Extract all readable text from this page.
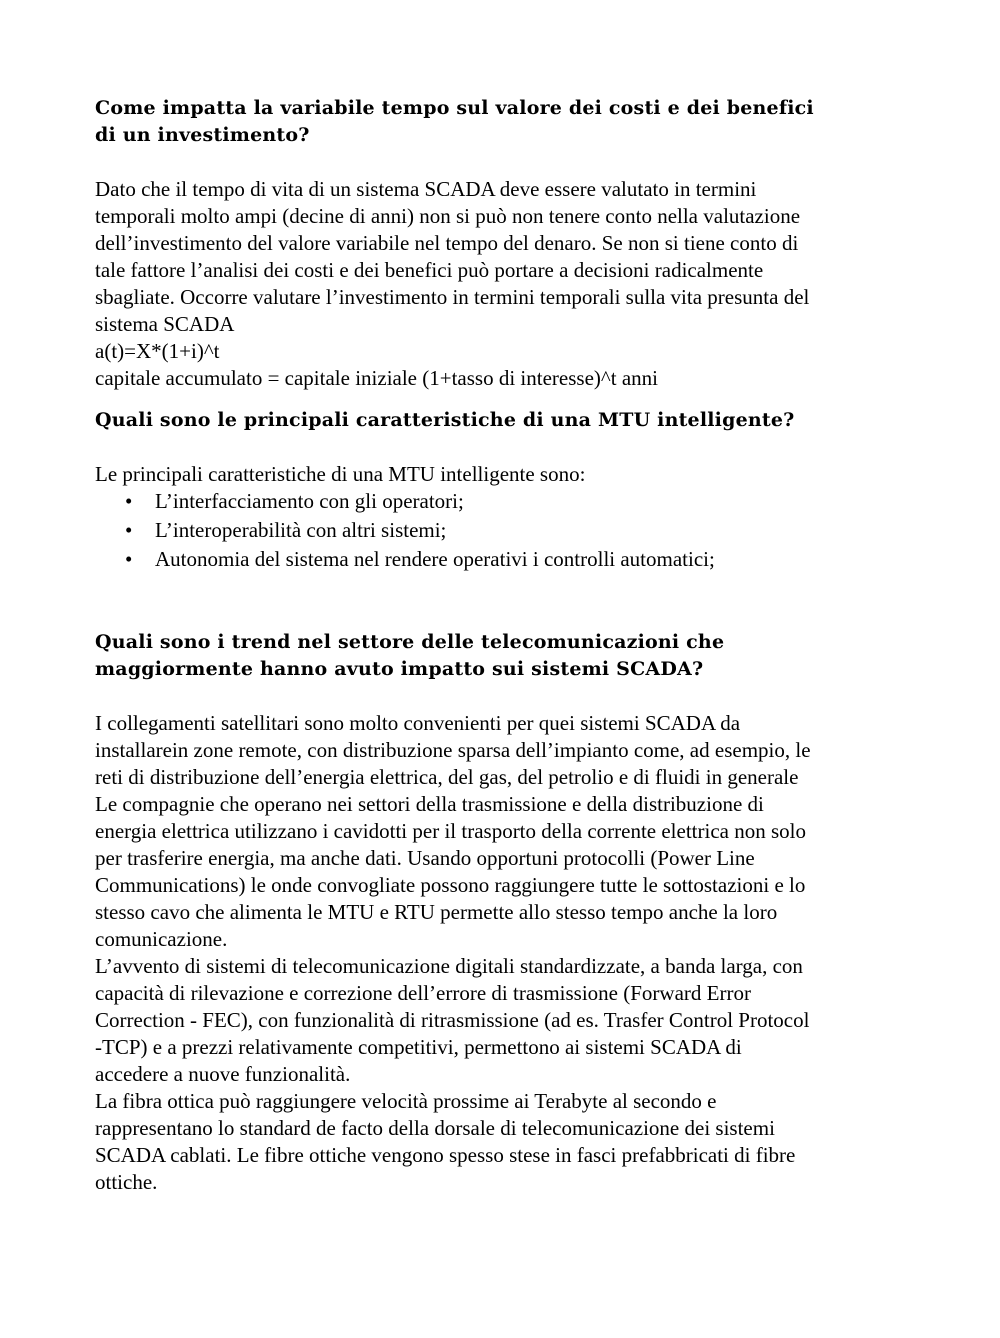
Come impatta la variabile tempo sul valore dei costi e dei benefici
di un investimento?
Dato che il tempo di vita di un sistema SCADA deve essere valutato in termini
temporali molto ampi (decine di anni) non si può non tenere conto nella valutazione
dell’investimento del valore variabile nel tempo del denaro. Se non si tiene conto di
tale fattore l’analisi dei costi e dei benefici può portare a decisioni radicalmente
sbagliate. Occorre valutare l’investimento in termini temporali sulla vita presunta del
sistema SCADA
a(t)=X*(1+i)^t
capitale accumulato = capitale iniziale (1+tasso di interesse)^t anni
Quali sono le principali caratteristiche di una MTU intelligente?
Le principali caratteristiche di una MTU intelligente sono:
• L’interfacciamento con gli operatori;
• L’interoperabilità con altri sistemi;
• Autonomia del sistema nel rendere operativi i controlli automatici;
Quali sono i trend nel settore delle telecomunicazioni che
maggiormente hanno avuto impatto sui sistemi SCADA?
I collegamenti satellitari sono molto convenienti per quei sistemi SCADA da
installarein zone remote, con distribuzione sparsa dell’impianto come, ad esempio, le
reti di distribuzione dell’energia elettrica, del gas, del petrolio e di fluidi in generale
Le compagnie che operano nei settori della trasmissione e della distribuzione di
energia elettrica utilizzano i cavidotti per il trasporto della corrente elettrica non solo
per trasferire energia, ma anche dati. Usando opportuni protocolli (Power Line
Communications) le onde convogliate possono raggiungere tutte le sottostazioni e lo
stesso cavo che alimenta le MTU e RTU permette allo stesso tempo anche la loro
comunicazione.
L’avvento di sistemi di telecomunicazione digitali standardizzate, a banda larga, con
capacità di rilevazione e correzione dell’errore di trasmissione (Forward Error
Correction - FEC), con funzionalità di ritrasmissione (ad es. Trasfer Control Protocol
-TCP) e a prezzi relativamente competitivi, permettono ai sistemi SCADA di
accedere a nuove funzionalità.
La fibra ottica può raggiungere velocità prossime ai Terabyte al secondo e
rappresentano lo standard de facto della dorsale di telecomunicazione dei sistemi
SCADA cablati. Le fibre ottiche vengono spesso stese in fasci prefabbricati di fibre
ottiche.
